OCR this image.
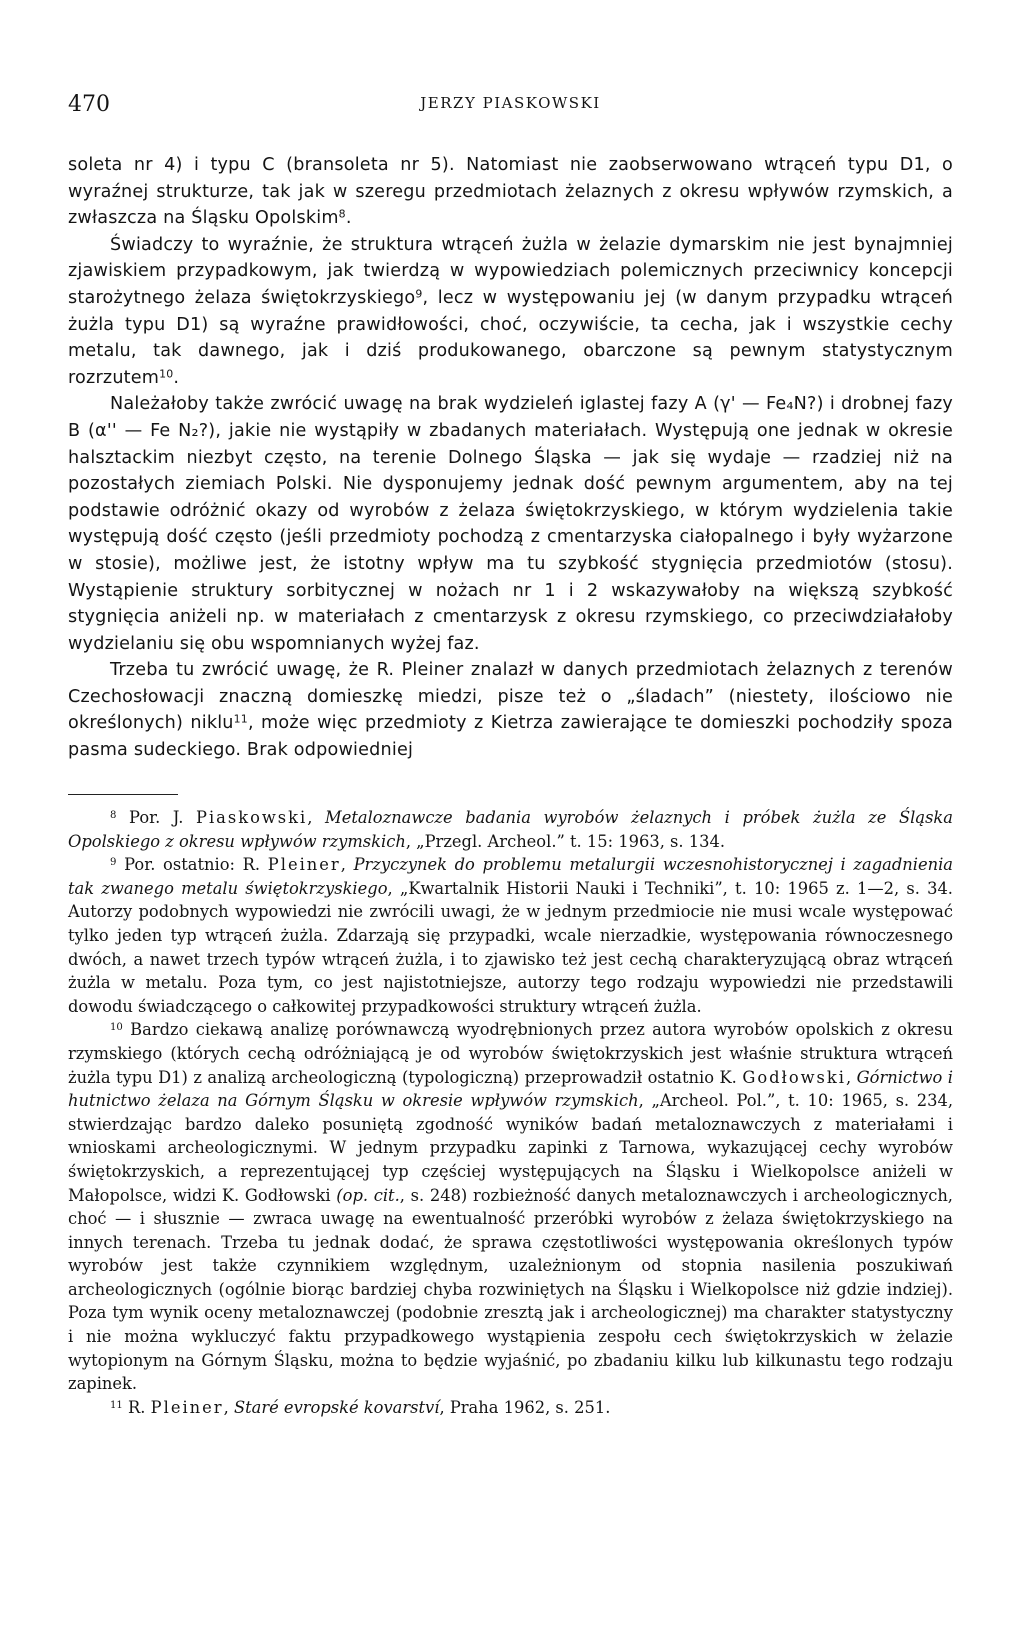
470	JERZY PIASKOWSKI

soleta nr 4) i typu C (bransoleta nr 5). Natomiast nie zaobserwowano wtrąceń typu D1, o wyraźnej strukturze, tak jak w szeregu przedmiotach żelaznych z okresu wpływów rzymskich, a zwłaszcza na Śląsku Opolskim$^8$.

Świadczy to wyraźnie, że struktura wtrąceń żużla w żelazie dymarskim nie jest bynajmniej zjawiskiem przypadkowym, jak twierdzą w wypowiedziach polemicznych przeciwnicy koncepcji starożytnego żelaza świętokrzyskiego$^9$, lecz w występowaniu jej (w danym przypadku wtrąceń żużla typu D1) są wyraźne prawidłowości, choć, oczywiście, ta cecha, jak i wszystkie cechy metalu, tak dawnego, jak i dziś produkowanego, obarczone są pewnym statystycznym rozrzutem$^{10}$.

Należałoby także zwrócić uwagę na brak wydzieleń iglastej fazy A (γ' — Fe₄N?) i drobnej fazy B (α'' — Fe N₂?), jakie nie wystąpiły w zbadanych materiałach. Występują one jednak w okresie halsztackim niezbyt często, na terenie Dolnego Śląska — jak się wydaje — rzadziej niż na pozostałych ziemiach Polski. Nie dysponujemy jednak dość pewnym argumentem, aby na tej podstawie odróżnić okazy od wyrobów z żelaza świętokrzyskiego, w którym wydzielenia takie występują dość często (jeśli przedmioty pochodzą z cmentarzyska ciałopalnego i były wyżarzone w stosie), możliwe jest, że istotny wpływ ma tu szybkość stygnięcia przedmiotów (stosu). Wystąpienie struktury sorbitycznej w nożach nr 1 i 2 wskazywałoby na większą szybkość stygnięcia aniżeli np. w materiałach z cmentarzysk z okresu rzymskiego, co przeciwdziałałoby wydzielaniu się obu wspomnianych wyżej faz.

Trzeba tu zwrócić uwagę, że R. Pleiner znalazł w danych przedmiotach żelaznych z terenów Czechosłowacji znaczną domieszkę miedzi, pisze też o „śladach” (niestety, ilościowo nie określonych) niklu$^{11}$, może więc przedmioty z Kietrza zawierające te domieszki pochodziły spoza pasma sudeckiego. Brak odpowiedniej

$^8$ Por. J. Piaskowski, Metaloznawcze badania wyrobów żelaznych i próbek żużla ze Śląska Opolskiego z okresu wpływów rzymskich, „Przegl. Archeol.” t. 15: 1963, s. 134.

$^9$ Por. ostatnio: R. Pleiner, Przyczynek do problemu metalurgii wczesnohistorycznej i zagadnienia tak zwanego metalu świętokrzyskiego, „Kwartalnik Historii Nauki i Techniki”, t. 10: 1965 z. 1—2, s. 34. Autorzy podobnych wypowiedzi nie zwrócili uwagi, że w jednym przedmiocie nie musi wcale występować tylko jeden typ wtrąceń żużla. Zdarzają się przypadki, wcale nierzadkie, występowania równoczesnego dwóch, a nawet trzech typów wtrąceń żużla, i to zjawisko też jest cechą charakteryzującą obraz wtrąceń żużla w metalu. Poza tym, co jest najistotniejsze, autorzy tego rodzaju wypowiedzi nie przedstawili dowodu świadczącego o całkowitej przypadkowości struktury wtrąceń żużla.

$^{10}$ Bardzo ciekawą analizę porównawczą wyodrębnionych przez autora wyrobów opolskich z okresu rzymskiego (których cechą odróżniającą je od wyrobów świętokrzyskich jest właśnie struktura wtrąceń żużla typu D1) z analizą archeologiczną (typologiczną) przeprowadził ostatnio K. Godłowski, Górnictwo i hutnictwo żelaza na Górnym Śląsku w okresie wpływów rzymskich, „Archeol. Pol.”, t. 10: 1965, s. 234, stwierdzając bardzo daleko posuniętą zgodność wyników badań metaloznawczych z materiałami i wnioskami archeologicznymi. W jednym przypadku zapinki z Tarnowa, wykazującej cechy wyrobów świętokrzyskich, a reprezentującej typ częściej występujących na Śląsku i Wielkopolsce aniżeli w Małopolsce, widzi K. Godłowski (op. cit., s. 248) rozbieżność danych metaloznawczych i archeologicznych, choć — i słusznie — zwraca uwagę na ewentualność przeróbki wyrobów z żelaza świętokrzyskiego na innych terenach. Trzeba tu jednak dodać, że sprawa częstotliwości występowania określonych typów wyrobów jest także czynnikiem względnym, uzależnionym od stopnia nasilenia poszukiwań archeologicznych (ogólnie biorąc bardziej chyba rozwiniętych na Śląsku i Wielkopolsce niż gdzie indziej). Poza tym wynik oceny metaloznawczej (podobnie zresztą jak i archeologicznej) ma charakter statystyczny i nie można wykluczyć faktu przypadkowego wystąpienia zespołu cech świętokrzyskich w żelazie wytopionym na Górnym Śląsku, można to będzie wyjaśnić, po zbadaniu kilku lub kilkunastu tego rodzaju zapinek.

$^{11}$ R. Pleiner, Staré evropské kovarství, Praha 1962, s. 251.
